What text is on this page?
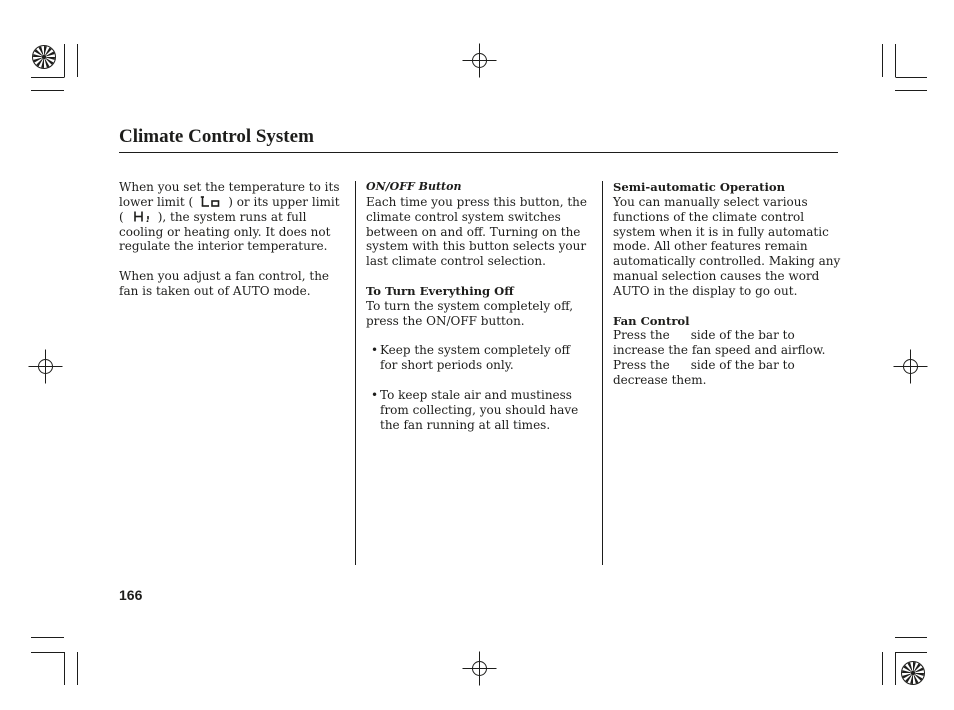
Climate Control System
When you set the temperature to its
lower limit (	) or its upper limit
(	), the system runs at full
cooling or heating only. It does not
regulate the interior temperature.
When you adjust a fan control, the
fan is taken out of AUTO mode.
ON/OFF Button
Each time you press this button, the
climate control system switches
between on and off. Turning on the
system with this button selects your
last climate control selection.
To Turn Everything Off
To turn the system completely off,
press the ON/OFF button.
• Keep the system completely off
for short periods only.
• To keep stale air and mustiness
from collecting, you should have
the fan running at all times.
Semi-automatic Operation
You can manually select various
functions of the climate control
system when it is in fully automatic
mode. All other features remain
automatically controlled. Making any
manual selection causes the word
AUTO in the display to go out.
Fan Control
Press the side of the bar to
increase the fan speed and airflow.
Press the side of the bar to
decrease them.
166
